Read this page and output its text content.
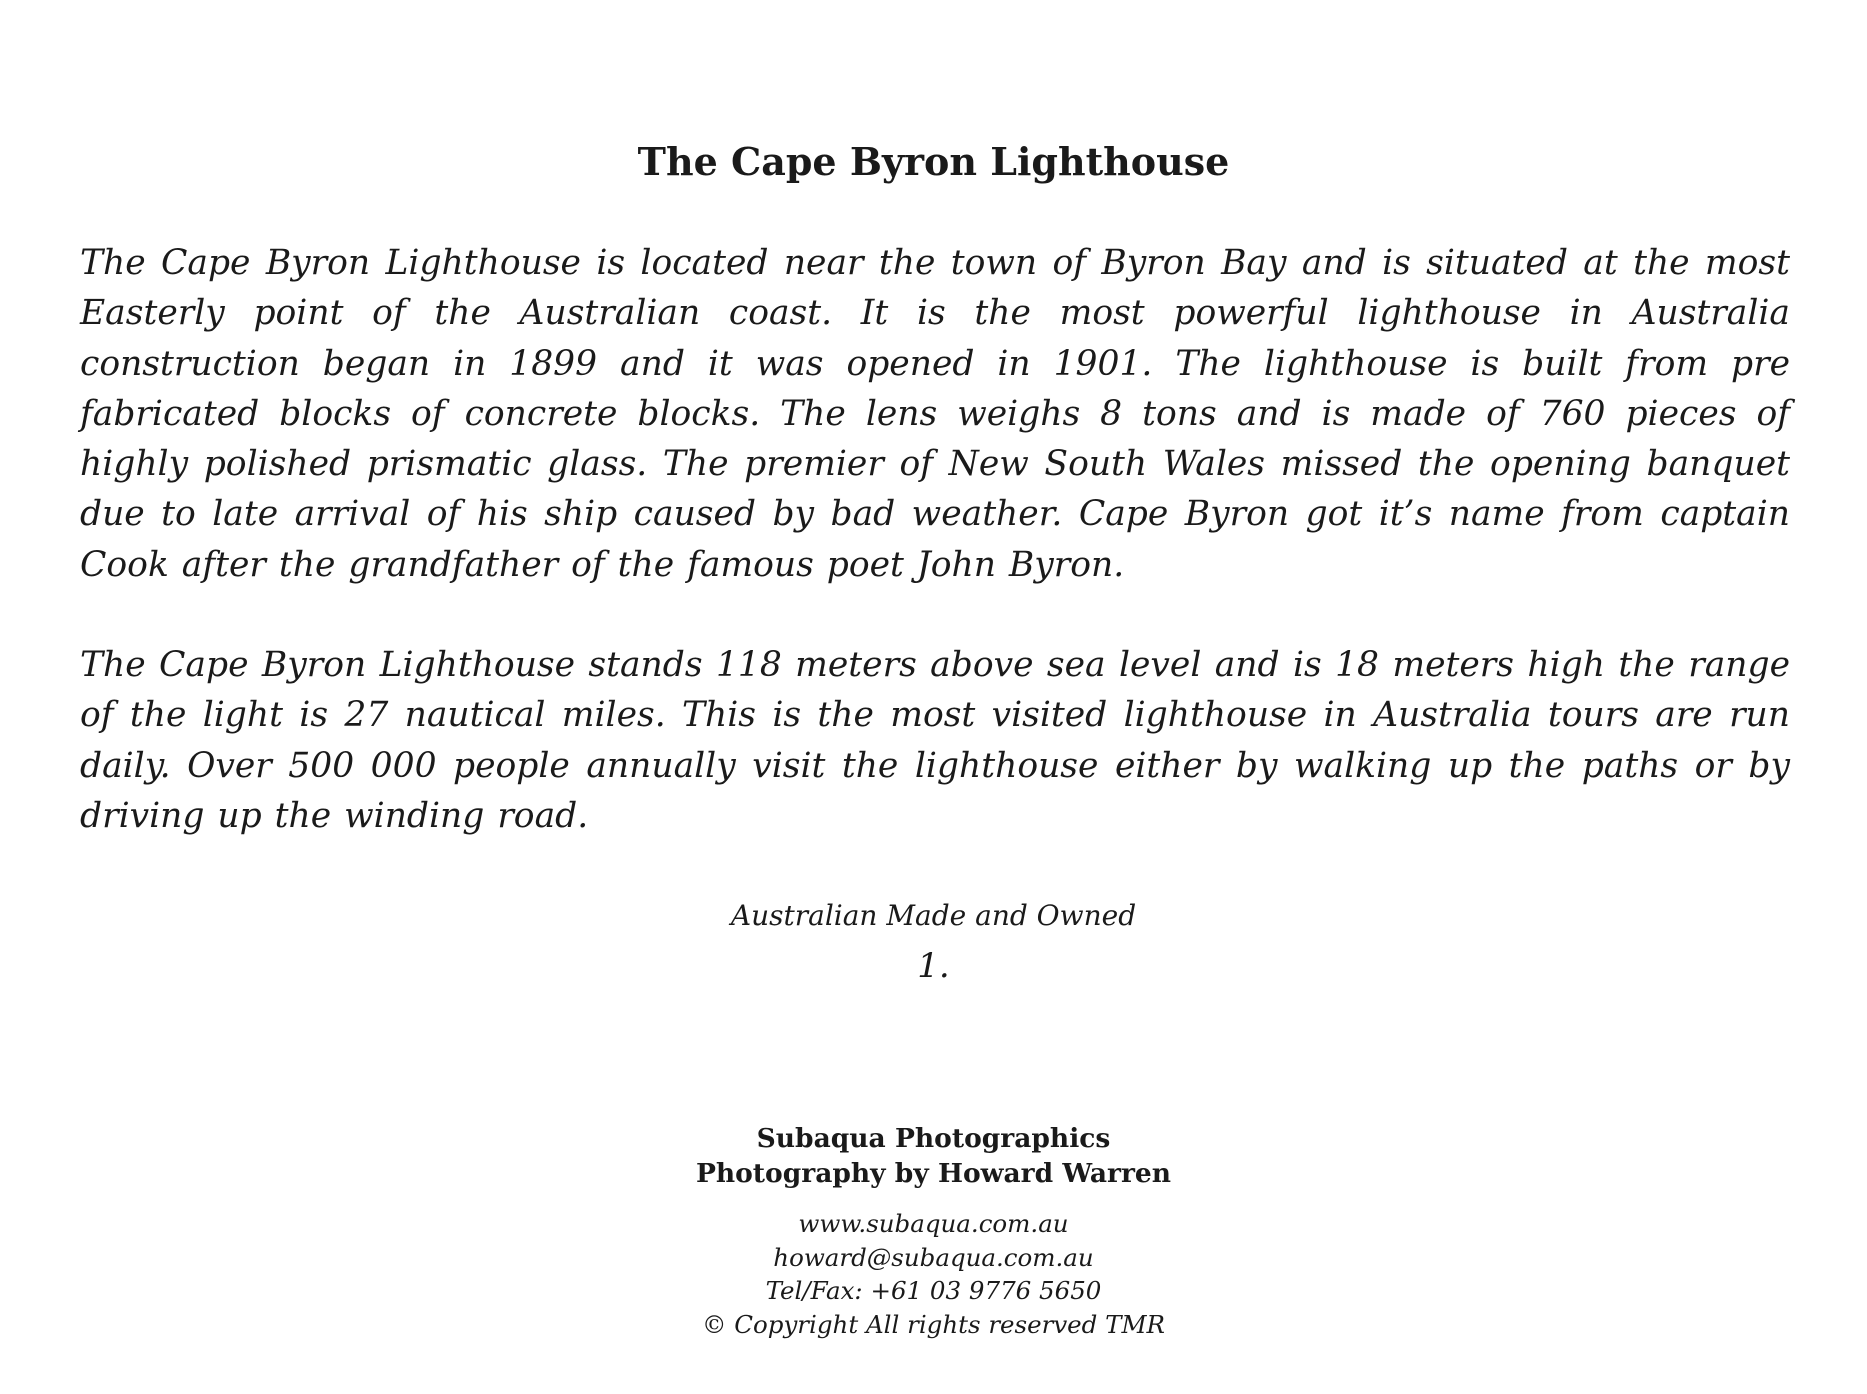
The Cape Byron Lighthouse

The Cape Byron Lighthouse is located near the town of Byron Bay and is situated at the most Easterly point of the Australian coast. It is the most powerful lighthouse in Australia construction began in 1899 and it was opened in 1901. The lighthouse is built from pre fabricated blocks of concrete blocks. The lens weighs 8 tons and is made of 760 pieces of highly polished prismatic glass. The premier of New South Wales missed the opening banquet due to late arrival of his ship caused by bad weather. Cape Byron got it’s name from captain Cook after the grandfather of the famous poet John Byron.

The Cape Byron Lighthouse stands 118 meters above sea level and is 18 meters high the range of the light is 27 nautical miles. This is the most visited lighthouse in Australia tours are run daily. Over 500 000 people annually visit the lighthouse either by walking up the paths or by driving up the winding road.

Australian Made and Owned

1.

Subaqua Photographics
Photography by Howard Warren
www.subaqua.com.au
howard@subaqua.com.au
Tel/Fax: +61 03 9776 5650
© Copyright All rights reserved TMR
